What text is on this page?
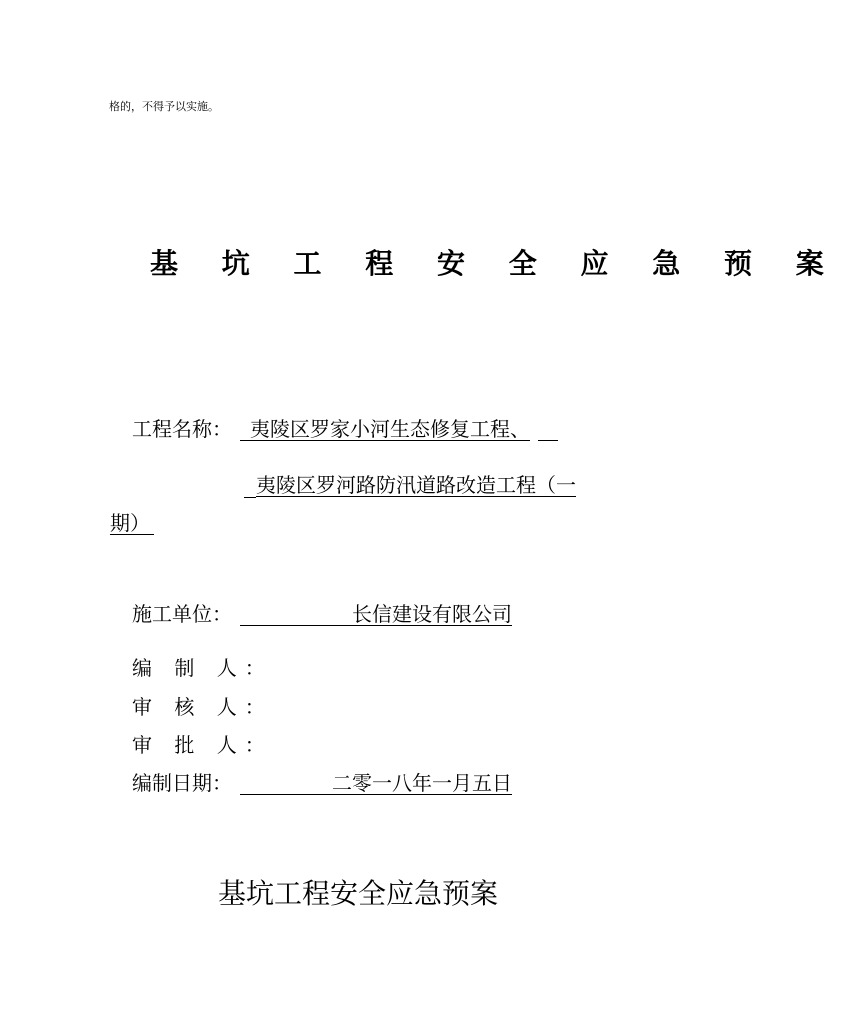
格的，不得予以实施。
基 坑 工 程 安 全 应 急 预 案
工程名称： 夷陵区罗家小河生态修复工程、
夷陵区罗河路防汛道路改造工程（一
期）
施工单位：	长信建设有限公司
编 制 人：
审 核 人：
审 批 人：
编制日期：	二零一八年一月五日
基坑工程安全应急预案
